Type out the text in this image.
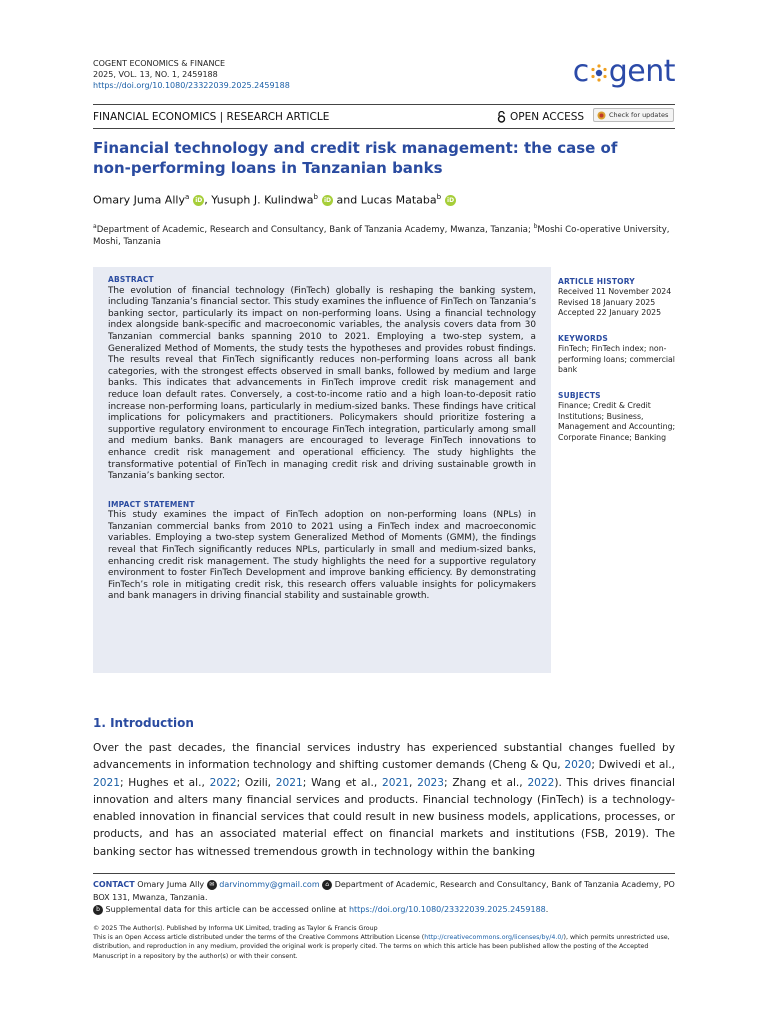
COGENT ECONOMICS & FINANCE
2025, VOL. 13, NO. 1, 2459188
https://doi.org/10.1080/23322039.2025.2459188	c gent
FINANCIAL ECONOMICS | RESEARCH ARTICLE	OPEN ACCESS	Check for updates
Financial technology and credit risk management: the case of non-performing loans in Tanzanian banks
Omary Juma Ally$^a$ iD , Yusuph J. Kulindwa$^b$ iD and Lucas Mataba$^b$ iD
$^a$Department of Academic, Research and Consultancy, Bank of Tanzania Academy, Mwanza, Tanzania; $^b$Moshi Co-operative University, Moshi, Tanzania
ABSTRACT
The evolution of financial technology (FinTech) globally is reshaping the banking system, including Tanzania’s financial sector. This study examines the influence of FinTech on Tanzania’s banking sector, particularly its impact on non-performing loans. Using a financial technology index alongside bank-specific and macroeconomic variables, the analysis covers data from 30 Tanzanian commercial banks spanning 2010 to 2021. Employing a two-step system, a Generalized Method of Moments, the study tests the hypotheses and provides robust findings. The results reveal that FinTech significantly reduces non-performing loans across all bank categories, with the strongest effects observed in small banks, followed by medium and large banks. This indicates that advancements in FinTech improve credit risk management and reduce loan default rates. Conversely, a cost-to-income ratio and a high loan-to-deposit ratio increase non-performing loans, particularly in medium-sized banks. These findings have critical implications for policymakers and practitioners. Policymakers should prioritize fostering a supportive regulatory environment to encourage FinTech integration, particularly among small and medium banks. Bank managers are encouraged to leverage FinTech innovations to enhance credit risk management and operational efficiency. The study highlights the transformative potential of FinTech in managing credit risk and driving sustainable growth in Tanzania’s banking sector.
IMPACT STATEMENT
This study examines the impact of FinTech adoption on non-performing loans (NPLs) in Tanzanian commercial banks from 2010 to 2021 using a FinTech index and macroeconomic variables. Employing a two-step system Generalized Method of Moments (GMM), the findings reveal that FinTech significantly reduces NPLs, particularly in small and medium-sized banks, enhancing credit risk management. The study highlights the need for a supportive regulatory environment to foster FinTech Development and improve banking efficiency. By demonstrating FinTech’s role in mitigating credit risk, this research offers valuable insights for policymakers and bank managers in driving financial stability and sustainable growth.
ARTICLE HISTORY
Received 11 November 2024
Revised 18 January 2025
Accepted 22 January 2025
KEYWORDS
FinTech; FinTech index; non-performing loans; commercial bank
SUBJECTS
Finance; Credit & Credit Institutions; Business, Management and Accounting; Corporate Finance; Banking
1. Introduction
Over the past decades, the financial services industry has experienced substantial changes fuelled by advancements in information technology and shifting customer demands (Cheng & Qu, 2020; Dwivedi et al., 2021; Hughes et al., 2022; Ozili, 2021; Wang et al., 2021, 2023; Zhang et al., 2022). This drives financial innovation and alters many financial services and products. Financial technology (FinTech) is a technology-enabled innovation in financial services that could result in new business models, applications, processes, or products, and has an associated material effect on financial markets and institutions (FSB, 2019). The banking sector has witnessed tremendous growth in technology within the banking
CONTACT Omary Juma Ally ✉ darvinommy@gmail.com ⌂ Department of Academic, Research and Consultancy, Bank of Tanzania Academy, PO BOX 131, Mwanza, Tanzania.
b Supplemental data for this article can be accessed online at https://doi.org/10.1080/23322039.2025.2459188.
© 2025 The Author(s). Published by Informa UK Limited, trading as Taylor & Francis Group
This is an Open Access article distributed under the terms of the Creative Commons Attribution License (http://creativecommons.org/licenses/by/4.0/), which permits unrestricted use, distribution, and reproduction in any medium, provided the original work is properly cited. The terms on which this article has been published allow the posting of the Accepted Manuscript in a repository by the author(s) or with their consent.
